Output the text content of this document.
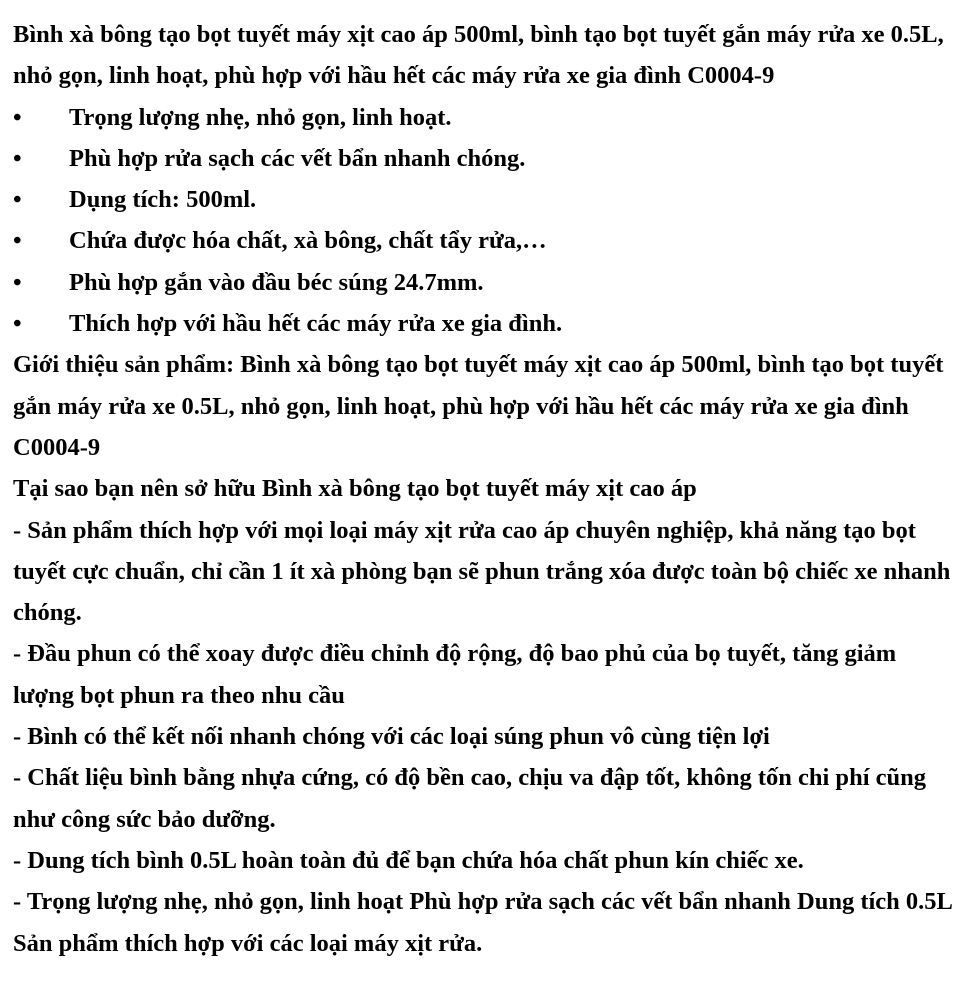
Bình xà bông tạo bọt tuyết máy xịt cao áp 500ml, bình tạo bọt tuyết gắn máy rửa xe 0.5L, nhỏ gọn, linh hoạt, phù hợp với hầu hết các máy rửa xe gia đình C0004-9

•	Trọng lượng nhẹ, nhỏ gọn, linh hoạt.
•	Phù hợp rửa sạch các vết bẩn nhanh chóng.
•	Dụng tích: 500ml.
•	Chứa được hóa chất, xà bông, chất tẩy rửa,…
•	Phù hợp gắn vào đầu béc súng 24.7mm.
•	Thích hợp với hầu hết các máy rửa xe gia đình.

Giới thiệu sản phẩm: Bình xà bông tạo bọt tuyết máy xịt cao áp 500ml, bình tạo bọt tuyết gắn máy rửa xe 0.5L, nhỏ gọn, linh hoạt, phù hợp với hầu hết các máy rửa xe gia đình C0004-9

Tại sao bạn nên sở hữu Bình xà bông tạo bọt tuyết máy xịt cao áp

- Sản phẩm thích hợp với mọi loại máy xịt rửa cao áp chuyên nghiệp, khả năng tạo bọt tuyết cực chuẩn, chỉ cần 1 ít xà phòng bạn sẽ phun trắng xóa được toàn bộ chiếc xe nhanh chóng.

- Đầu phun có thể xoay được điều chỉnh độ rộng, độ bao phủ của bọ tuyết, tăng giảm lượng bọt phun ra theo nhu cầu

- Bình có thể kết nối nhanh chóng với các loại súng phun vô cùng tiện lợi

- Chất liệu bình bằng nhựa cứng, có độ bền cao, chịu va đập tốt, không tốn chi phí cũng như công sức bảo dưỡng.

- Dung tích bình 0.5L hoàn toàn đủ để bạn chứa hóa chất phun kín chiếc xe.

- Trọng lượng nhẹ, nhỏ gọn, linh hoạt Phù hợp rửa sạch các vết bẩn nhanh Dung tích 0.5L Sản phẩm thích hợp với các loại máy xịt rửa.
